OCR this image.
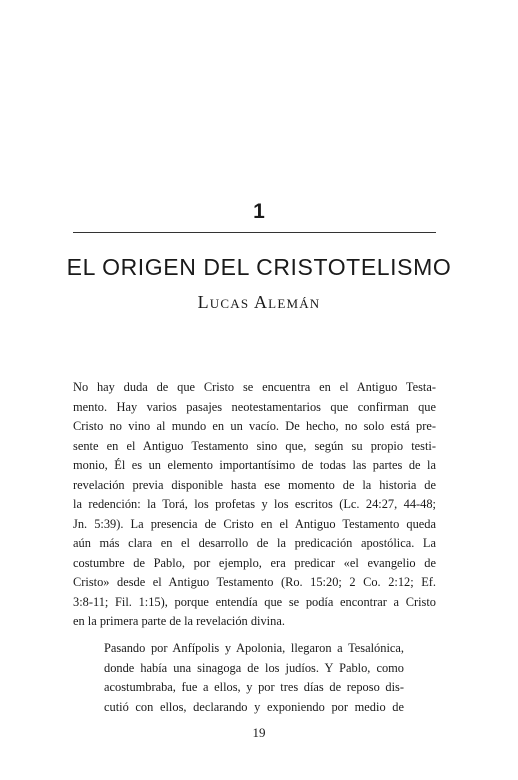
1
EL ORIGEN DEL CRISTOTELISMO

Lucas Alemán

No hay duda de que Cristo se encuentra en el Antiguo Testa-
mento. Hay varios pasajes neotestamentarios que confirman que
Cristo no vino al mundo en un vacío. De hecho, no solo está pre-
sente en el Antiguo Testamento sino que, según su propio testi-
monio, Él es un elemento importantísimo de todas las partes de la
revelación previa disponible hasta ese momento de la historia de
la redención: la Torá, los profetas y los escritos (Lc. 24:27, 44-48;
Jn. 5:39). La presencia de Cristo en el Antiguo Testamento queda
aún más clara en el desarrollo de la predicación apostólica. La
costumbre de Pablo, por ejemplo, era predicar «el evangelio de
Cristo» desde el Antiguo Testamento (Ro. 15:20; 2 Co. 2:12; Ef.
3:8-11; Fil. 1:15), porque entendía que se podía encontrar a Cristo
en la primera parte de la revelación divina.
Pasando por Anfípolis y Apolonia, llegaron a Tesalónica,
donde había una sinagoga de los judíos. Y Pablo, como
acostumbraba, fue a ellos, y por tres días de reposo dis-
cutió con ellos, declarando y exponiendo por medio de

19
